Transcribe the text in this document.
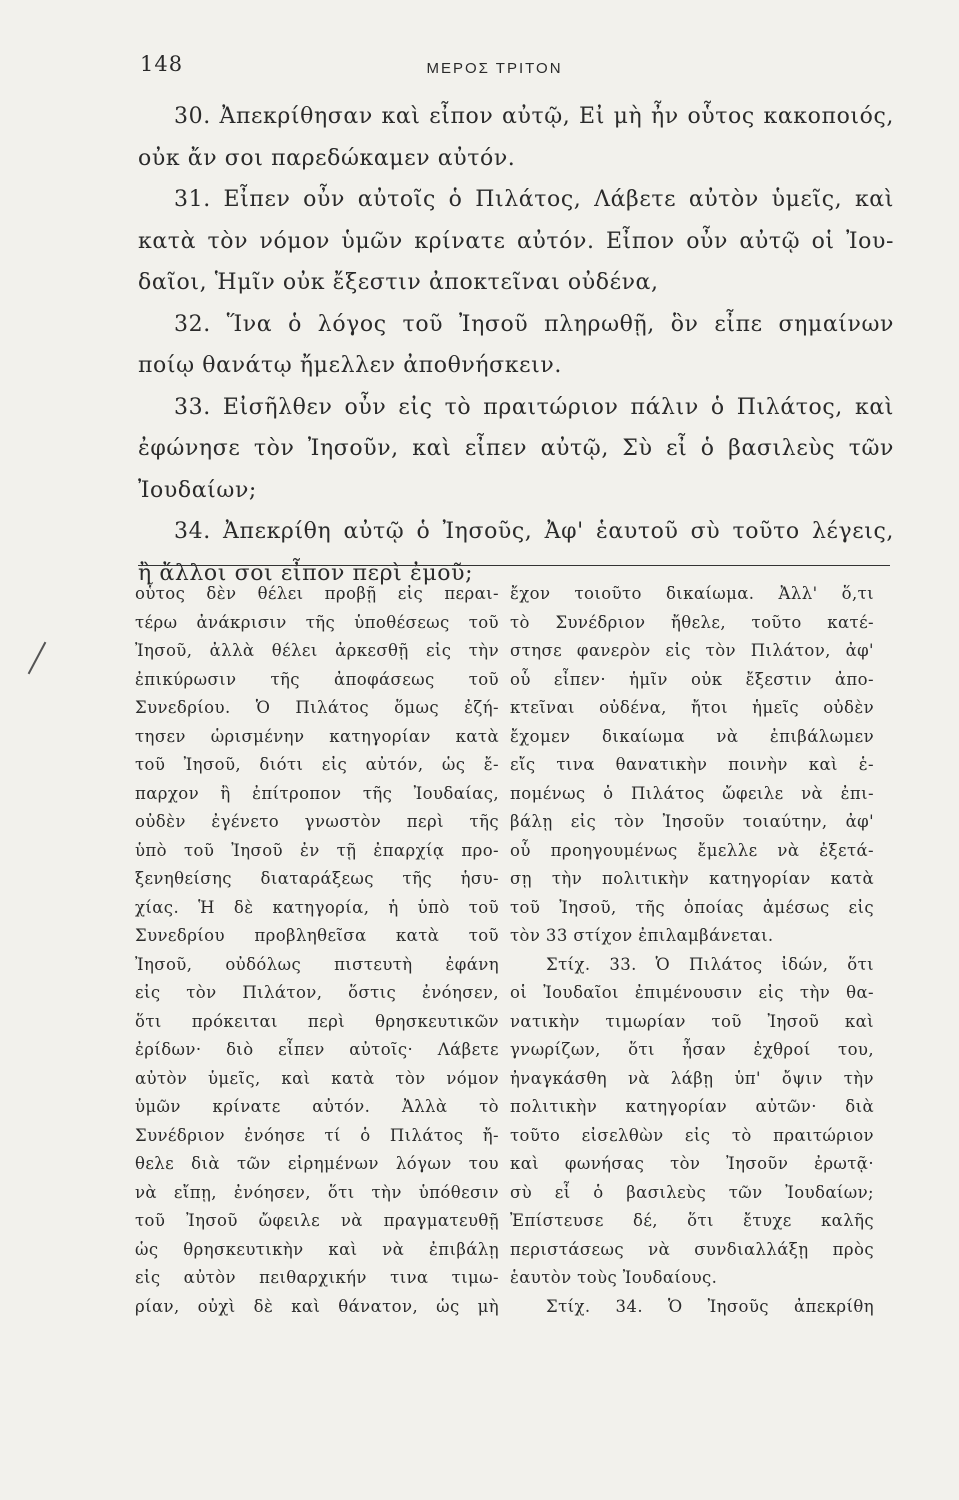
148	ΜΕΡΟΣ ΤΡΙΤΟΝ
30. Ἀπεκρίθησαν καὶ εἶπον αὐτῷ, Εἰ μὴ ἦν οὗτος κακοποιός,
οὐκ ἄν σοι παρεδώκαμεν αὐτόν.
31. Εἶπεν οὖν αὐτοῖς ὁ Πιλάτος, Λάβετε αὐτὸν ὑμεῖς, καὶ
κατὰ τὸν νόμον ὑμῶν κρίνατε αὐτόν. Εἶπον οὖν αὐτῷ οἱ Ἰου-
δαῖοι, Ἡμῖν οὐκ ἔξεστιν ἀποκτεῖναι οὐδένα,
32. Ἵνα ὁ λόγος τοῦ Ἰησοῦ πληρωθῇ, ὃν εἶπε σημαίνων
ποίῳ θανάτῳ ἤμελλεν ἀποθνήσκειν.
33. Εἰσῆλθεν οὖν εἰς τὸ πραιτώριον πάλιν ὁ Πιλάτος, καὶ
ἐφώνησε τὸν Ἰησοῦν, καὶ εἶπεν αὐτῷ, Σὺ εἶ ὁ βασιλεὺς τῶν
Ἰουδαίων;
34. Ἀπεκρίθη αὐτῷ ὁ Ἰησοῦς, Ἀφ' ἑαυτοῦ σὺ τοῦτο λέγεις,
ἢ ἄλλοι σοι εἶπον περὶ ἐμοῦ;
οὗτος δὲν θέλει προβῇ εἰς περαι-
τέρω ἀνάκρισιν τῆς ὑποθέσεως τοῦ
Ἰησοῦ, ἀλλὰ θέλει ἀρκεσθῇ εἰς τὴν
ἐπικύρωσιν τῆς ἀποφάσεως τοῦ
Συνεδρίου. Ὁ Πιλάτος ὅμως ἐζή-
τησεν ὡρισμένην κατηγορίαν κατὰ
τοῦ Ἰησοῦ, διότι εἰς αὐτόν, ὡς ἔ-
παρχον ἢ ἐπίτροπον τῆς Ἰουδαίας,
οὐδὲν ἐγένετο γνωστὸν περὶ τῆς
ὑπὸ τοῦ Ἰησοῦ ἐν τῇ ἐπαρχίᾳ προ-
ξενηθείσης διαταράξεως τῆς ἡσυ-
χίας. Ἡ δὲ κατηγορία, ἡ ὑπὸ τοῦ
Συνεδρίου προβληθεῖσα κατὰ τοῦ
Ἰησοῦ, οὐδόλως πιστευτὴ ἐφάνη
εἰς τὸν Πιλάτον, ὅστις ἐνόησεν,
ὅτι πρόκειται περὶ θρησκευτικῶν
ἐρίδων· διὸ εἶπεν αὐτοῖς· Λάβετε
αὐτὸν ὑμεῖς, καὶ κατὰ τὸν νόμον
ὑμῶν κρίνατε αὐτόν. Ἀλλὰ τὸ
Συνέδριον ἐνόησε τί ὁ Πιλάτος ἤ-
θελε διὰ τῶν εἰρημένων λόγων του
νὰ εἴπῃ, ἐνόησεν, ὅτι τὴν ὑπόθεσιν
τοῦ Ἰησοῦ ὤφειλε νὰ πραγματευθῇ
ὡς θρησκευτικὴν καὶ νὰ ἐπιβάλῃ
εἰς αὐτὸν πειθαρχικήν τινα τιμω-
ρίαν, οὐχὶ δὲ καὶ θάνατον, ὡς μὴ
ἔχον τοιοῦτο δικαίωμα. Ἀλλ' ὅ,τι
τὸ Συνέδριον ἤθελε, τοῦτο κατέ-
στησε φανερὸν εἰς τὸν Πιλάτον, ἀφ'
οὗ εἶπεν· ἡμῖν οὐκ ἔξεστιν ἀπο-
κτεῖναι οὐδένα, ἤτοι ἡμεῖς οὐδὲν
ἔχομεν δικαίωμα νὰ ἐπιβάλωμεν
εἴς τινα θανατικὴν ποινὴν καὶ ἑ-
πομένως ὁ Πιλάτος ὤφειλε νὰ ἐπι-
βάλῃ εἰς τὸν Ἰησοῦν τοιαύτην, ἀφ'
οὗ προηγουμένως ἔμελλε νὰ ἐξετά-
σῃ τὴν πολιτικὴν κατηγορίαν κατὰ
τοῦ Ἰησοῦ, τῆς ὁποίας ἀμέσως εἰς
τὸν 33 στίχον ἐπιλαμβάνεται.
Στίχ. 33. Ὁ Πιλάτος ἰδών, ὅτι
οἱ Ἰουδαῖοι ἐπιμένουσιν εἰς τὴν θα-
νατικὴν τιμωρίαν τοῦ Ἰησοῦ καὶ
γνωρίζων, ὅτι ἦσαν ἐχθροί του,
ἠναγκάσθη νὰ λάβῃ ὑπ' ὄψιν τὴν
πολιτικὴν κατηγορίαν αὐτῶν· διὰ
τοῦτο εἰσελθὼν εἰς τὸ πραιτώριον
καὶ φωνήσας τὸν Ἰησοῦν ἐρωτᾷ·
σὺ εἶ ὁ βασιλεὺς τῶν Ἰουδαίων;
Ἐπίστευσε δέ, ὅτι ἔτυχε καλῆς
περιστάσεως νὰ συνδιαλλάξῃ πρὸς
ἑαυτὸν τοὺς Ἰουδαίους.
Στίχ. 34. Ὁ Ἰησοῦς ἀπεκρίθη
